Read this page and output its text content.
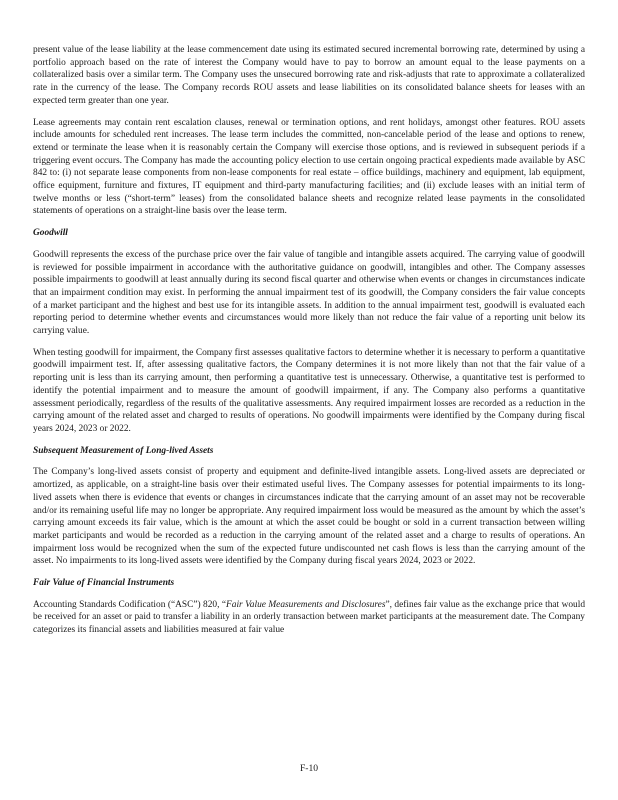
present value of the lease liability at the lease commencement date using its estimated secured incremental borrowing rate, determined by using a portfolio approach based on the rate of interest the Company would have to pay to borrow an amount equal to the lease payments on a collateralized basis over a similar term. The Company uses the unsecured borrowing rate and risk-adjusts that rate to approximate a collateralized rate in the currency of the lease. The Company records ROU assets and lease liabilities on its consolidated balance sheets for leases with an expected term greater than one year.

Lease agreements may contain rent escalation clauses, renewal or termination options, and rent holidays, amongst other features. ROU assets include amounts for scheduled rent increases. The lease term includes the committed, non-cancelable period of the lease and options to renew, extend or terminate the lease when it is reasonably certain the Company will exercise those options, and is reviewed in subsequent periods if a triggering event occurs. The Company has made the accounting policy election to use certain ongoing practical expedients made available by ASC 842 to: (i) not separate lease components from non-lease components for real estate – office buildings, machinery and equipment, lab equipment, office equipment, furniture and fixtures, IT equipment and third-party manufacturing facilities; and (ii) exclude leases with an initial term of twelve months or less (“short-term” leases) from the consolidated balance sheets and recognize related lease payments in the consolidated statements of operations on a straight-line basis over the lease term.

Goodwill

Goodwill represents the excess of the purchase price over the fair value of tangible and intangible assets acquired. The carrying value of goodwill is reviewed for possible impairment in accordance with the authoritative guidance on goodwill, intangibles and other. The Company assesses possible impairments to goodwill at least annually during its second fiscal quarter and otherwise when events or changes in circumstances indicate that an impairment condition may exist. In performing the annual impairment test of its goodwill, the Company considers the fair value concepts of a market participant and the highest and best use for its intangible assets. In addition to the annual impairment test, goodwill is evaluated each reporting period to determine whether events and circumstances would more likely than not reduce the fair value of a reporting unit below its carrying value.

When testing goodwill for impairment, the Company first assesses qualitative factors to determine whether it is necessary to perform a quantitative goodwill impairment test. If, after assessing qualitative factors, the Company determines it is not more likely than not that the fair value of a reporting unit is less than its carrying amount, then performing a quantitative test is unnecessary. Otherwise, a quantitative test is performed to identify the potential impairment and to measure the amount of goodwill impairment, if any. The Company also performs a quantitative assessment periodically, regardless of the results of the qualitative assessments. Any required impairment losses are recorded as a reduction in the carrying amount of the related asset and charged to results of operations. No goodwill impairments were identified by the Company during fiscal years 2024, 2023 or 2022.

Subsequent Measurement of Long-lived Assets

The Company’s long-lived assets consist of property and equipment and definite-lived intangible assets. Long-lived assets are depreciated or amortized, as applicable, on a straight-line basis over their estimated useful lives. The Company assesses for potential impairments to its long-lived assets when there is evidence that events or changes in circumstances indicate that the carrying amount of an asset may not be recoverable and/or its remaining useful life may no longer be appropriate. Any required impairment loss would be measured as the amount by which the asset’s carrying amount exceeds its fair value, which is the amount at which the asset could be bought or sold in a current transaction between willing market participants and would be recorded as a reduction in the carrying amount of the related asset and a charge to results of operations. An impairment loss would be recognized when the sum of the expected future undiscounted net cash flows is less than the carrying amount of the asset. No impairments to its long-lived assets were identified by the Company during fiscal years 2024, 2023 or 2022.

Fair Value of Financial Instruments

Accounting Standards Codification (“ASC”) 820, “Fair Value Measurements and Disclosures”, defines fair value as the exchange price that would be received for an asset or paid to transfer a liability in an orderly transaction between market participants at the measurement date. The Company categorizes its financial assets and liabilities measured at fair value

F-10
